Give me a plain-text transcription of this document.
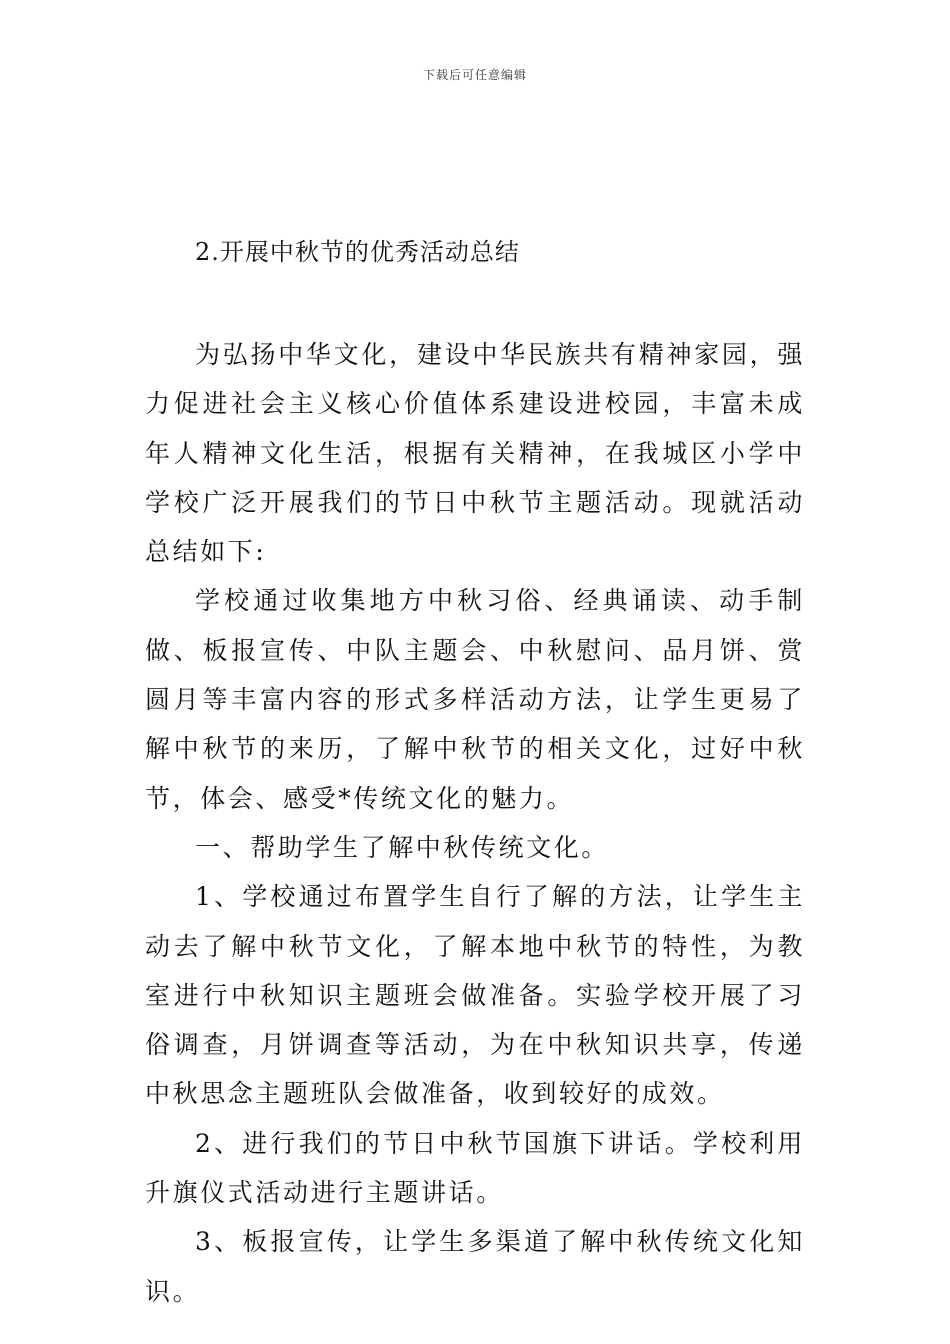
下载后可任意编辑
2.开展中秋节的优秀活动总结

为弘扬中华文化，建设中华民族共有精神家园，强力促进社会主义核心价值体系建设进校园，丰富未成年人精神文化生活，根据有关精神，在我城区小学中学校广泛开展我们的节日中秋节主题活动。现就活动总结如下:

学校通过收集地方中秋习俗、经典诵读、动手制做、板报宣传、中队主题会、中秋慰问、品月饼、赏圆月等丰富内容的形式多样活动方法，让学生更易了解中秋节的来历，了解中秋节的相关文化，过好中秋节，体会、感受*传统文化的魅力。

一、帮助学生了解中秋传统文化。

1、学校通过布置学生自行了解的方法，让学生主动去了解中秋节文化，了解本地中秋节的特性，为教室进行中秋知识主题班会做准备。实验学校开展了习俗调查，月饼调查等活动，为在中秋知识共享，传递中秋思念主题班队会做准备，收到较好的成效。

2、进行我们的节日中秋节国旗下讲话。学校利用升旗仪式活动进行主题讲话。

3、板报宣传，让学生多渠道了解中秋传统文化知识。
